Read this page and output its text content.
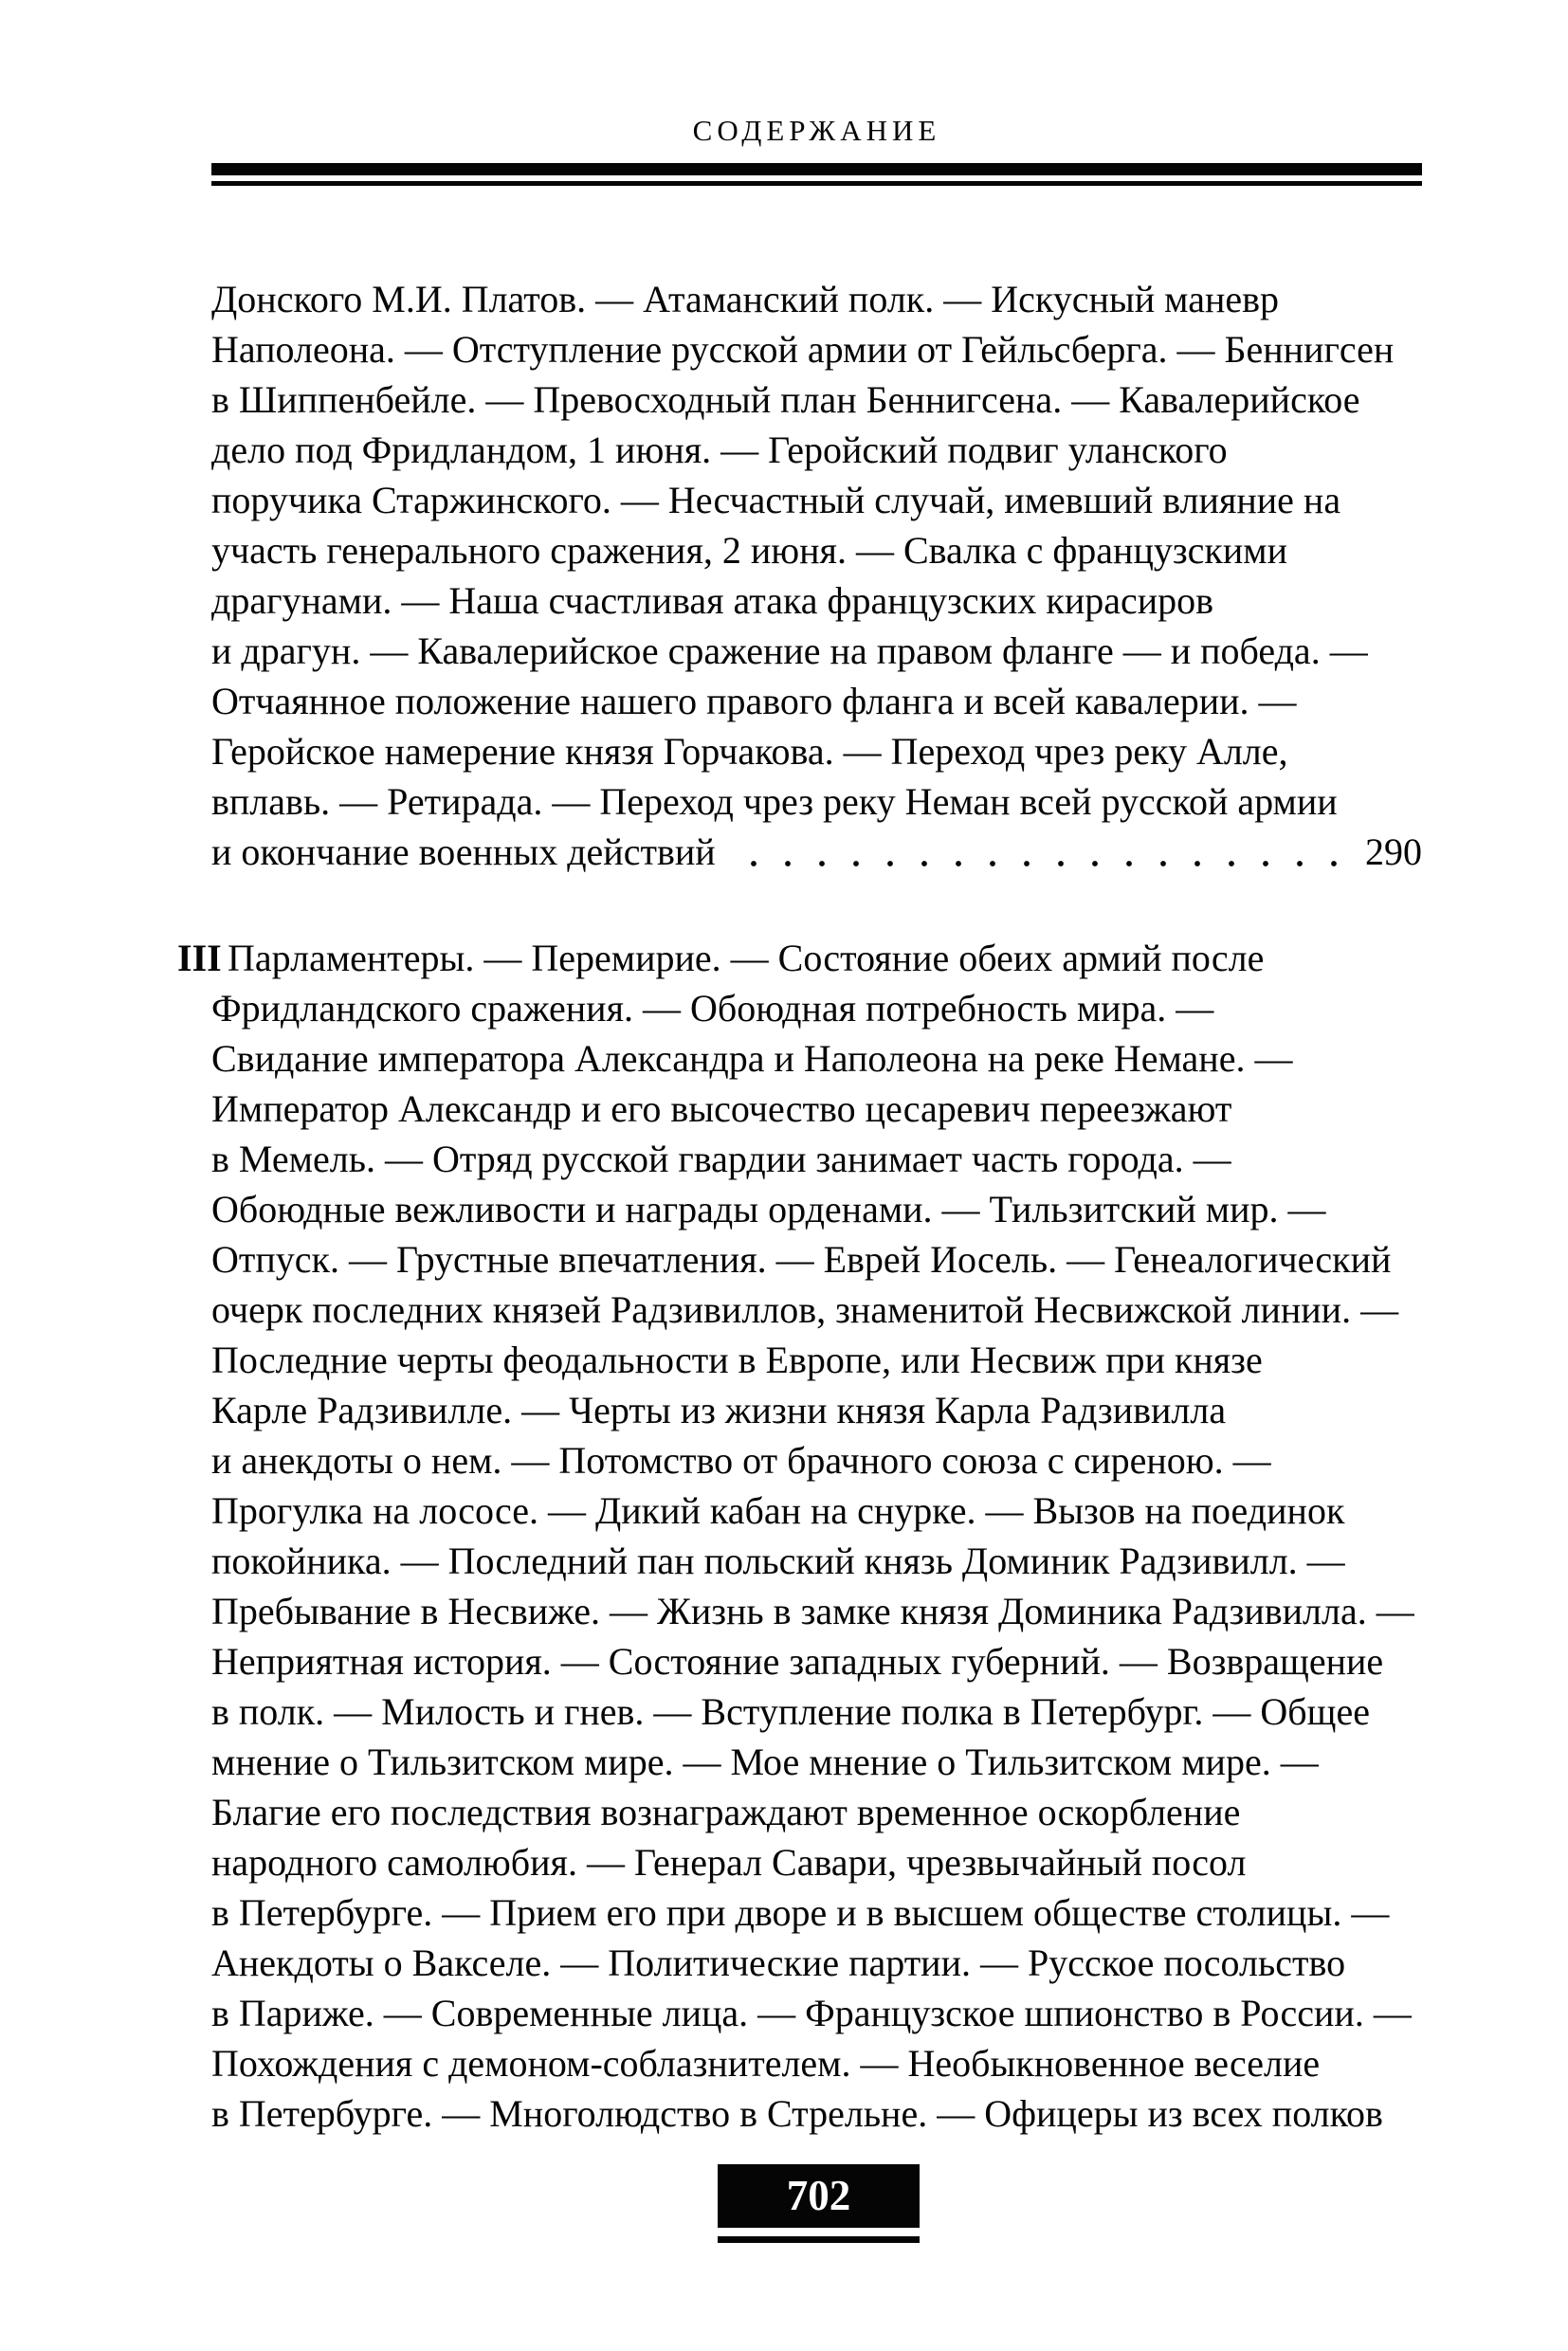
СОДЕРЖАНИЕ
Донского М.И. Платов. — Атаманский полк. — Искусный маневр
Наполеона. — Отступление русской армии от Гейльсберга. — Беннигсен
в Шиппенбейле. — Превосходный план Беннигсена. — Кавалерийское
дело под Фридландом, 1 июня. — Геройский подвиг уланского
поручика Старжинского. — Несчастный случай, имевший влияние на
участь генерального сражения, 2 июня. — Свалка с французскими
драгунами. — Наша счастливая атака французских кирасиров
и драгун. — Кавалерийское сражение на правом фланге — и победа. —
Отчаянное положение нашего правого фланга и всей кавалерии. —
Геройское намерение князя Горчакова. — Переход чрез реку Алле,
вплавь. — Ретирада. — Переход чрез реку Неман всей русской армии
и окончание военных действий	290
III Парламентеры. — Перемирие. — Состояние обеих армий после
Фридландского сражения. — Обоюдная потребность мира. —
Свидание императора Александра и Наполеона на реке Немане. —
Император Александр и его высочество цесаревич переезжают
в Мемель. — Отряд русской гвардии занимает часть города. —
Обоюдные вежливости и награды орденами. — Тильзитский мир. —
Отпуск. — Грустные впечатления. — Еврей Иосель. — Генеалогический
очерк последних князей Радзивиллов, знаменитой Несвижской линии. —
Последние черты феодальности в Европе, или Несвиж при князе
Карле Радзивилле. — Черты из жизни князя Карла Радзивилла
и анекдоты о нем. — Потомство от брачного союза с сиреною. —
Прогулка на лососе. — Дикий кабан на снурке. — Вызов на поединок
покойника. — Последний пан польский князь Доминик Радзивилл. —
Пребывание в Несвиже. — Жизнь в замке князя Доминика Радзивилла. —
Неприятная история. — Состояние западных губерний. — Возвращение
в полк. — Милость и гнев. — Вступление полка в Петербург. — Общее
мнение о Тильзитском мире. — Мое мнение о Тильзитском мире. —
Благие его последствия вознаграждают временное оскорбление
народного самолюбия. — Генерал Савари, чрезвычайный посол
в Петербурге. — Прием его при дворе и в высшем обществе столицы. —
Анекдоты о Вакселе. — Политические партии. — Русское посольство
в Париже. — Современные лица. — Французское шпионство в России. —
Похождения с демоном-соблазнителем. — Необыкновенное веселие
в Петербурге. — Многолюдство в Стрельне. — Офицеры из всех полков
702
